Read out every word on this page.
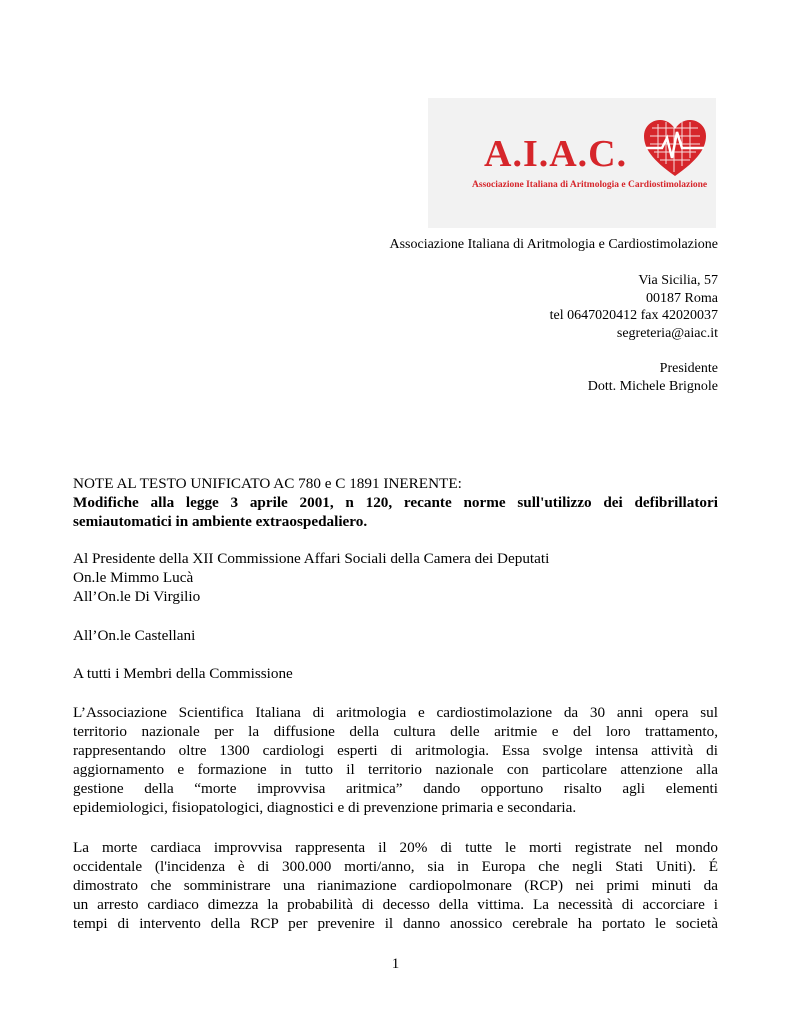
A.I.A.C.
Associazione Italiana di Aritmologia e Cardiostimolazione
Associazione Italiana di Aritmologia e Cardiostimolazione
Via Sicilia, 57
00187 Roma
tel 0647020412 fax 42020037
segreteria@aiac.it
Presidente
Dott. Michele Brignole
NOTE AL TESTO UNIFICATO AC 780 e C 1891 INERENTE:
Modifiche alla legge 3 aprile 2001, n 120, recante norme sull'utilizzo dei defibrillatori
semiautomatici in ambiente extraospedaliero.
Al Presidente della XII Commissione Affari Sociali della Camera dei Deputati
On.le Mimmo Lucà
All’On.le Di Virgilio
All’On.le Castellani
A tutti i Membri della Commissione
L’Associazione Scientifica Italiana di aritmologia e cardiostimolazione da 30 anni opera sul
territorio nazionale per la diffusione della cultura delle aritmie e del loro trattamento,
rappresentando oltre 1300 cardiologi esperti di aritmologia. Essa svolge intensa attività di
aggiornamento e formazione in tutto il territorio nazionale con particolare attenzione alla
gestione della “morte improvvisa aritmica” dando opportuno risalto agli elementi
epidemiologici, fisiopatologici, diagnostici e di prevenzione primaria e secondaria.
La morte cardiaca improvvisa rappresenta il 20% di tutte le morti registrate nel mondo
occidentale (l'incidenza è di 300.000 morti/anno, sia in Europa che negli Stati Uniti). É
dimostrato che somministrare una rianimazione cardiopolmonare (RCP) nei primi minuti da
un arresto cardiaco dimezza la probabilità di decesso della vittima. La necessità di accorciare i
tempi di intervento della RCP per prevenire il danno anossico cerebrale ha portato le società
1
